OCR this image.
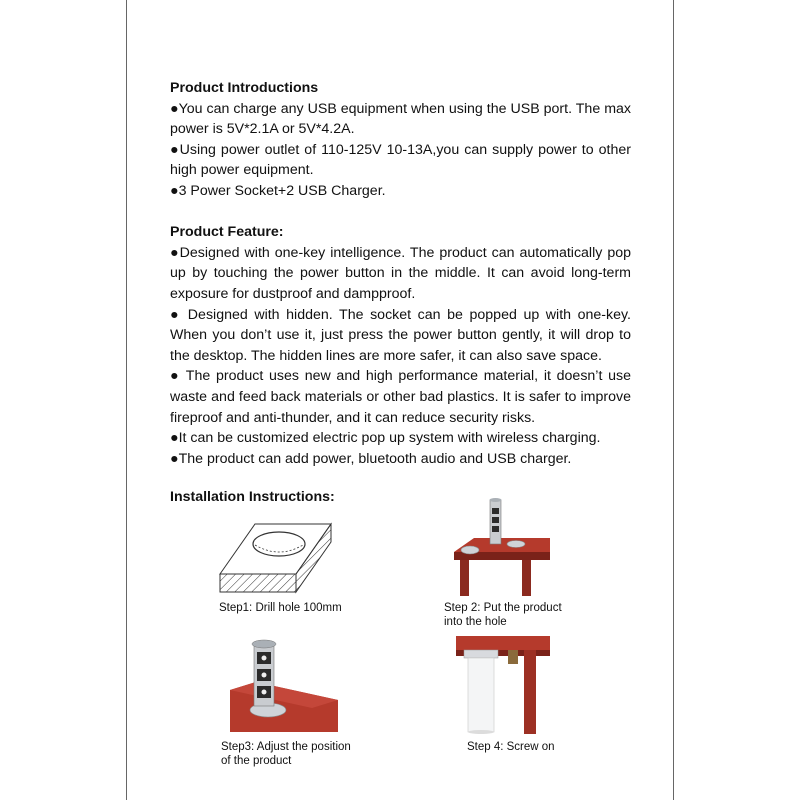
Product Introductions
●You can charge any USB equipment when using the USB port. The max power is 5V*2.1A or 5V*4.2A.
●Using power outlet of 110-125V 10-13A,you can supply power to other high power equipment.
●3 Power Socket+2 USB Charger.
Product Feature:
●Designed with one-key intelligence. The product can automatically pop up by touching the power button in the middle. It can avoid long-term exposure for dustproof and dampproof.
● Designed with hidden. The socket can be popped up with one-key. When you don’t use it, just press the power button gently, it will drop to the desktop. The hidden lines are more safer, it can also save space.
● The product uses new and high performance material, it doesn’t use waste and feed back materials or other bad plastics. It is safer to improve fireproof and anti-thunder, and it can reduce security risks.
●It can be customized electric pop up system with wireless charging.
●The product can add power, bluetooth audio and USB charger.
Installation Instructions:
Step1: Drill hole 100mm	Step 2: Put the product
into the hole
Step3: Adjust the position
of the product
Step 4: Screw on
